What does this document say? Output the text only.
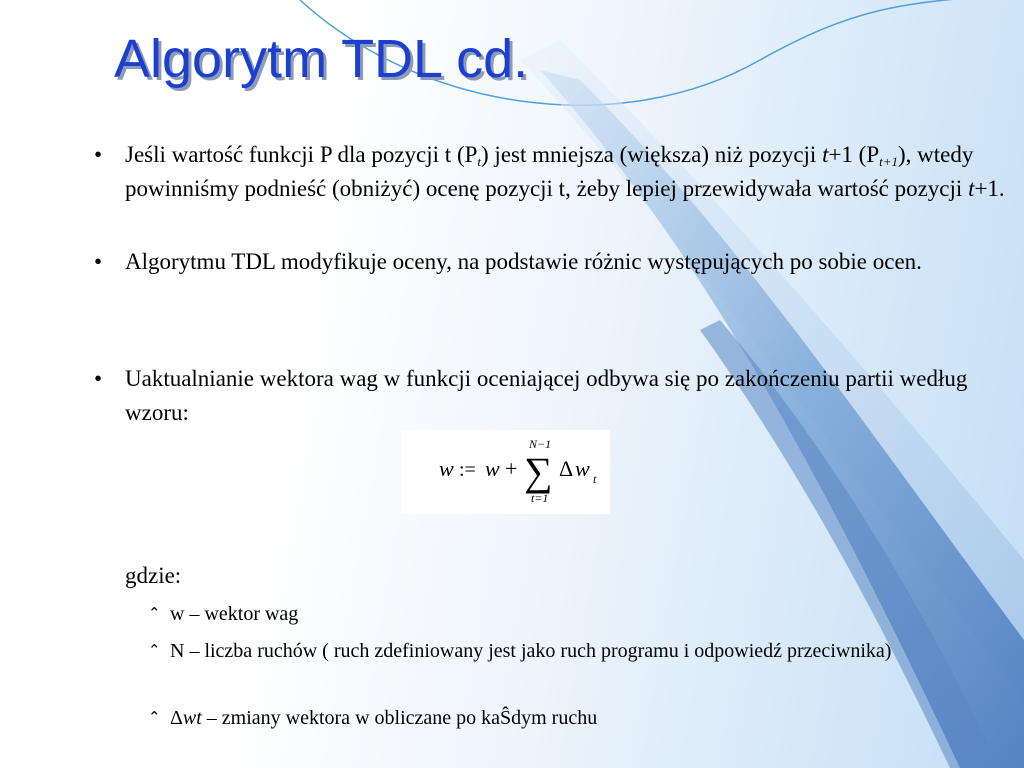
Algorytm TDL cd.
• Jeśli wartość funkcji P dla pozycji t $(P_t)$ jest mniejsza (większa) niż pozycji t+1 $(P_{t+1})$, wtedy powinniśmy podnieść (obniżyć) ocenę pozycji t, żeby lepiej przewidywała wartość pozycji t+1.
• Algorytmu TDL modyfikuje oceny, na podstawie różnic występujących po sobie ocen.
• Uaktualnianie wektora wag w funkcji oceniającej odbywa się po zakończeniu partii według wzoru:
w := w + ∑
N−1
t=1
Δ w t
gdzie:
⌃ w – wektor wag
⌃ N – liczba ruchów ( ruch zdefiniowany jest jako ruch programu i odpowiedź przeciwnika)
⌃ Δwt – zmiany wektora w obliczane po kaŜdym ruchu
